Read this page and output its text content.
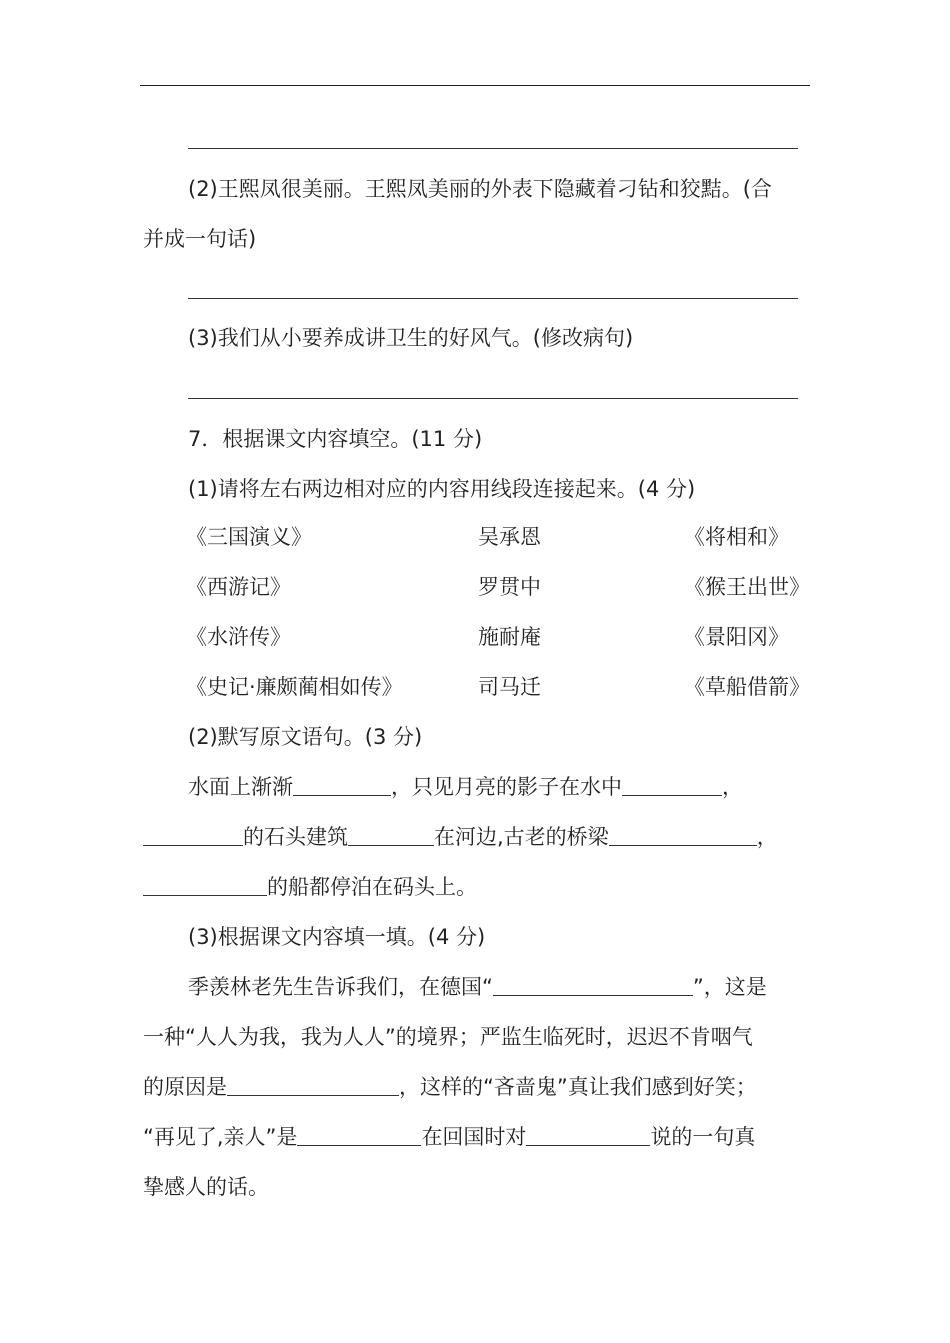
(2)王熙凤很美丽。王熙凤美丽的外表下隐藏着刁钻和狡黠。(合
并成一句话)
(3)我们从小要养成讲卫生的好风气。(修改病句)
7．根据课文内容填空。(11 分)
(1)请将左右两边相对应的内容用线段连接起来。(4 分)
《三国演义》	吴承恩	《将相和》
《西游记》	罗贯中	《猴王出世》
《水浒传》	施耐庵	《景阳冈》
《史记·廉颇蔺相如传》	司马迁	《草船借箭》
(2)默写原文语句。(3 分)
水面上渐渐	，只见月亮的影子在水中	，
的石头建筑	在河边,古老的桥梁	，
的船都停泊在码头上。
(3)根据课文内容填一填。(4 分)
季羡林老先生告诉我们，在德国“	”，这是
一种“人人为我，我为人人”的境界；严监生临死时，迟迟不肯咽气
的原因是	，这样的“吝啬鬼”真让我们感到好笑；
“再见了,亲人”是	在回国时对	说的一句真
挚感人的话。
